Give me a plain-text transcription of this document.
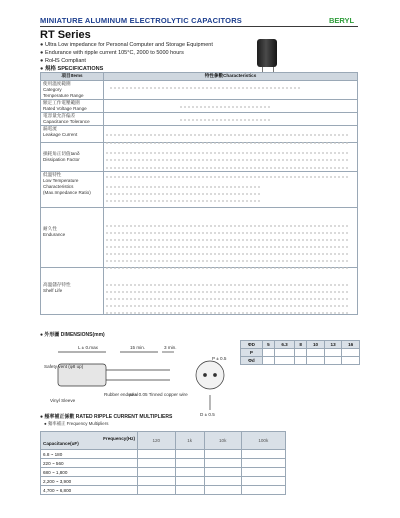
MINIATURE ALUMINUM ELECTROLYTIC CAPACITORS	BERYL
RT Series
● Ultra Low impedance for Personal Computer and Storage Equipment
● Endurance with ripple current 105°C, 2000 to 5000 hours
● RoHS Compliant
● 規格 SPECIFICATIONS
項目Items	特性參數Characteristics

使用溫度範圍
Category
Temperature Range	

額定工作電壓範圍
Rated Voltage Range	

電容量允許偏差
Capacitance Tolerance	

漏電流
Leakage Current	

損耗角正切值tanδ
Dissipation Factor	

低溫特性
Low Temperature
Characteristics
(Max.Impedance Ratio)	

耐久性
Endurance	

高溫儲存特性
Shelf Life	

● 外形圖 DIMENSIONS(mm)
L ± 0.max	15 min.	3 min.
Safety vent (φ8 up)
Vinyl Sleeve
Rubber end seal
φd ± 0.05 Tinned copper wire
P ± 0.5
D ± 0.5
ΦD	5	6.3	8	10	13	16
P						
Φd						
● 頻率補正係數 RATED RIPPLE CURRENT MULTIPLIERS
● 頻率補正 Frequency Multipliers
Frequency(Hz)
Capacitance(uF)	120	1k	10k	100k
6.8 ~ 180				
220 ~ 560				
680 ~ 1,800				
2,200 ~ 3,900				
4,700 ~ 6,800				
